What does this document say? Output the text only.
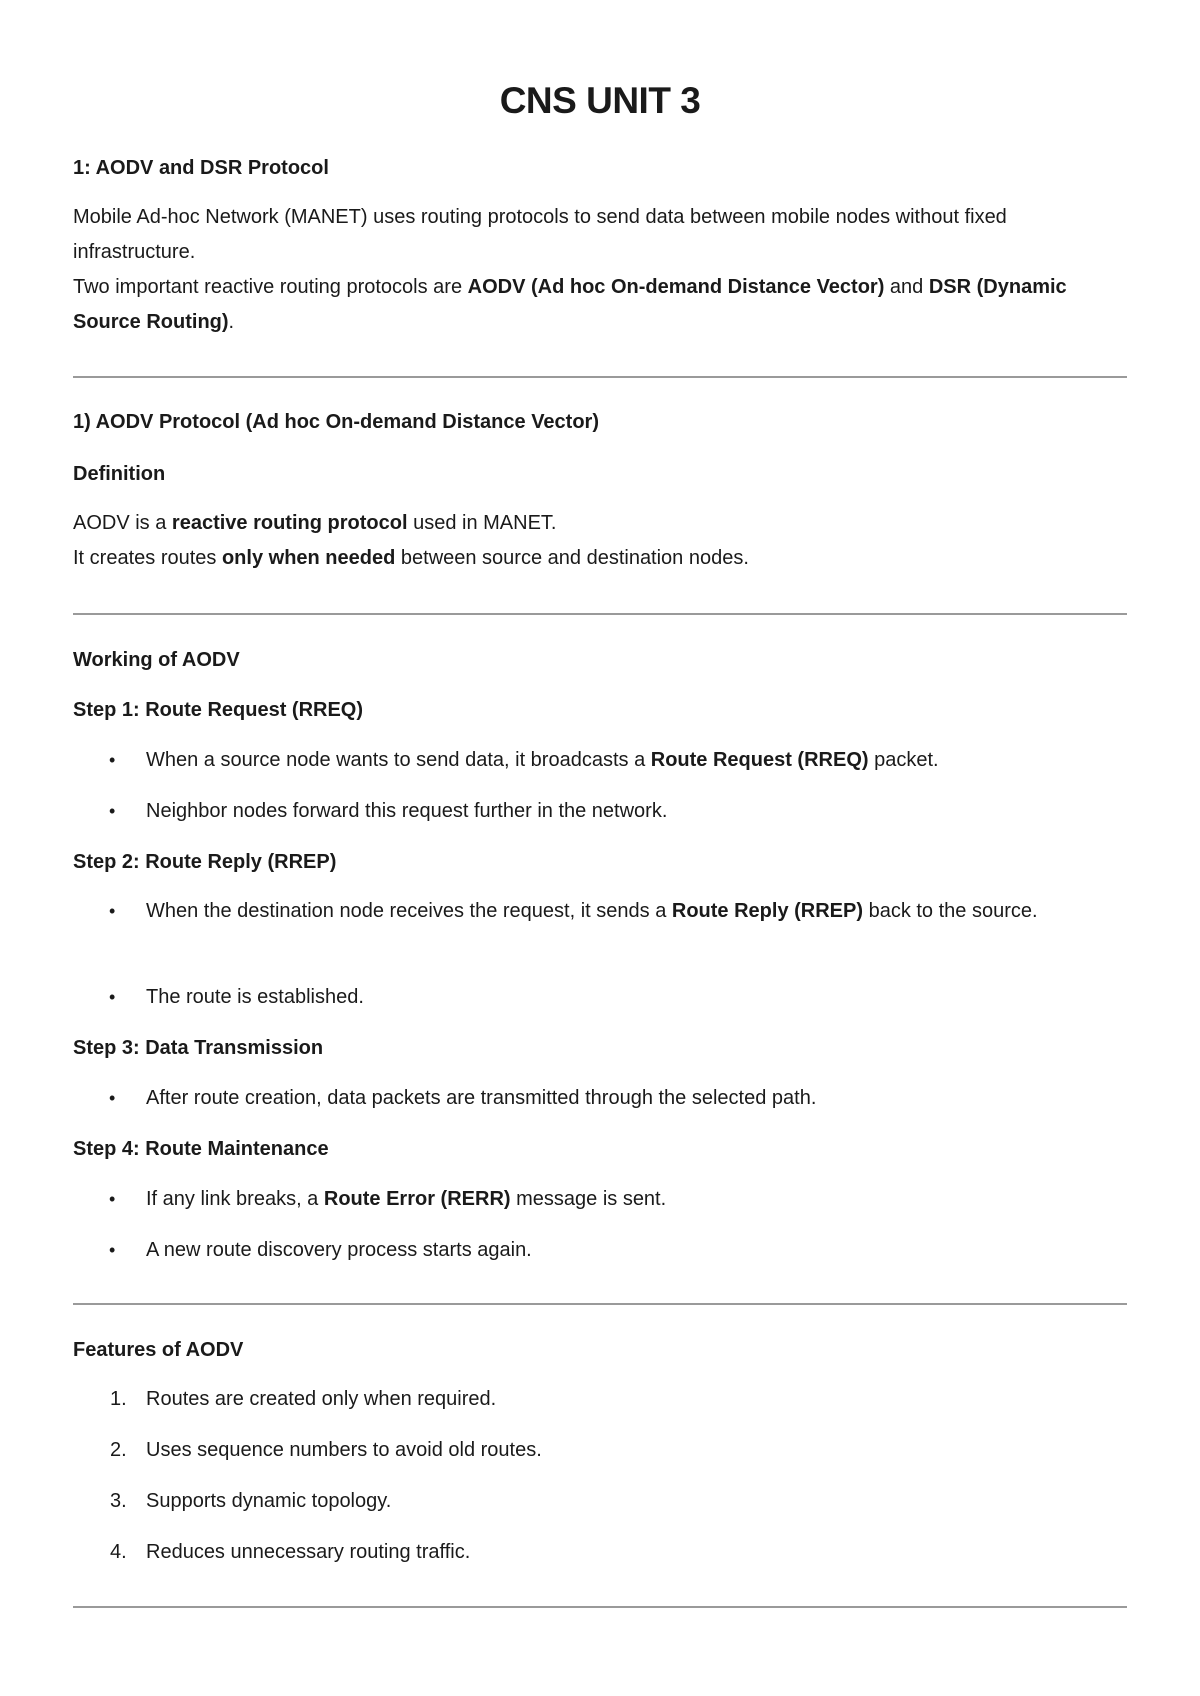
CNS UNIT 3

1: AODV and DSR Protocol

Mobile Ad-hoc Network (MANET) uses routing protocols to send data between mobile nodes without fixed infrastructure.

Two important reactive routing protocols are AODV (Ad hoc On-demand Distance Vector) and DSR (Dynamic Source Routing).

1) AODV Protocol (Ad hoc On-demand Distance Vector)

Definition

AODV is a reactive routing protocol used in MANET.

It creates routes only when needed between source and destination nodes.

Working of AODV

Step 1: Route Request (RREQ)

• When a source node wants to send data, it broadcasts a Route Request (RREQ) packet.
• Neighbor nodes forward this request further in the network.

Step 2: Route Reply (RREP)

• When the destination node receives the request, it sends a Route Reply (RREP) back to the source.
• The route is established.

Step 3: Data Transmission

• After route creation, data packets are transmitted through the selected path.

Step 4: Route Maintenance

• If any link breaks, a Route Error (RERR) message is sent.
• A new route discovery process starts again.

Features of AODV

1. Routes are created only when required.
2. Uses sequence numbers to avoid old routes.
3. Supports dynamic topology.
4. Reduces unnecessary routing traffic.
